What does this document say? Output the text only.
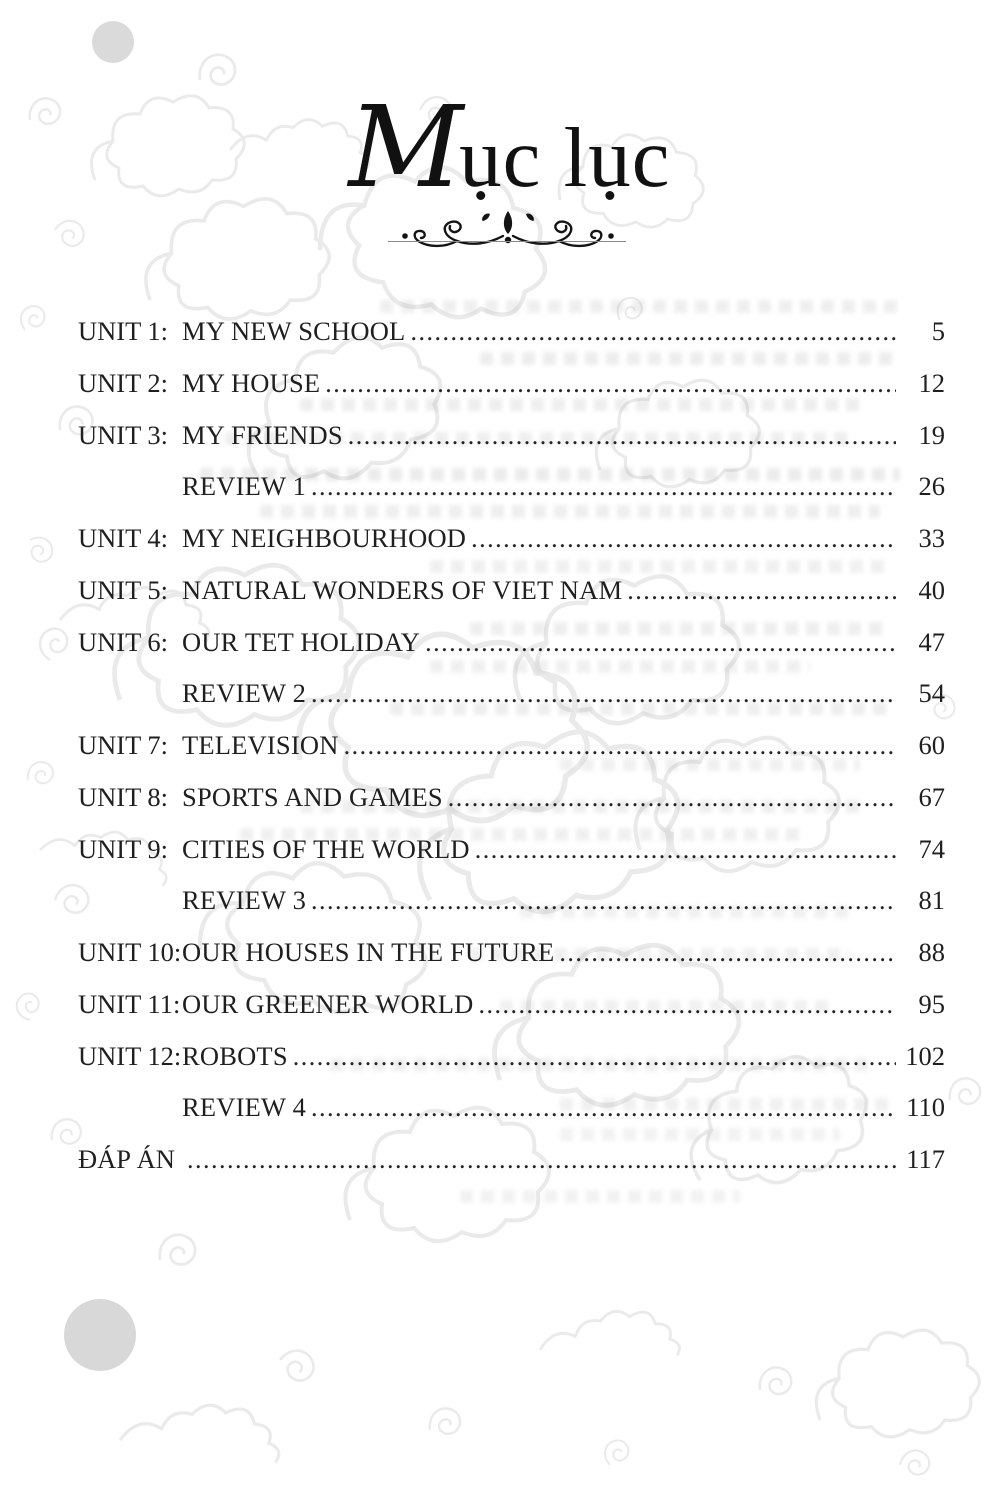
Mục lục
UNIT 1: MY NEW SCHOOL .....	5
UNIT 2: MY HOUSE .....	12
UNIT 3: MY FRIENDS .....	19
REVIEW 1 .....	26
UNIT 4: MY NEIGHBOURHOOD .....	33
UNIT 5: NATURAL WONDERS OF VIET NAM .....	40
UNIT 6: OUR TET HOLIDAY .....	47
REVIEW 2 .....	54
UNIT 7: TELEVISION .....	60
UNIT 8: SPORTS AND GAMES .....	67
UNIT 9: CITIES OF THE WORLD .....	74
REVIEW 3 .....	81
UNIT 10: OUR HOUSES IN THE FUTURE .....	88
UNIT 11: OUR GREENER WORLD .....	95
UNIT 12: ROBOTS .....	102
REVIEW 4 .....	110
ĐÁP ÁN .....	117
